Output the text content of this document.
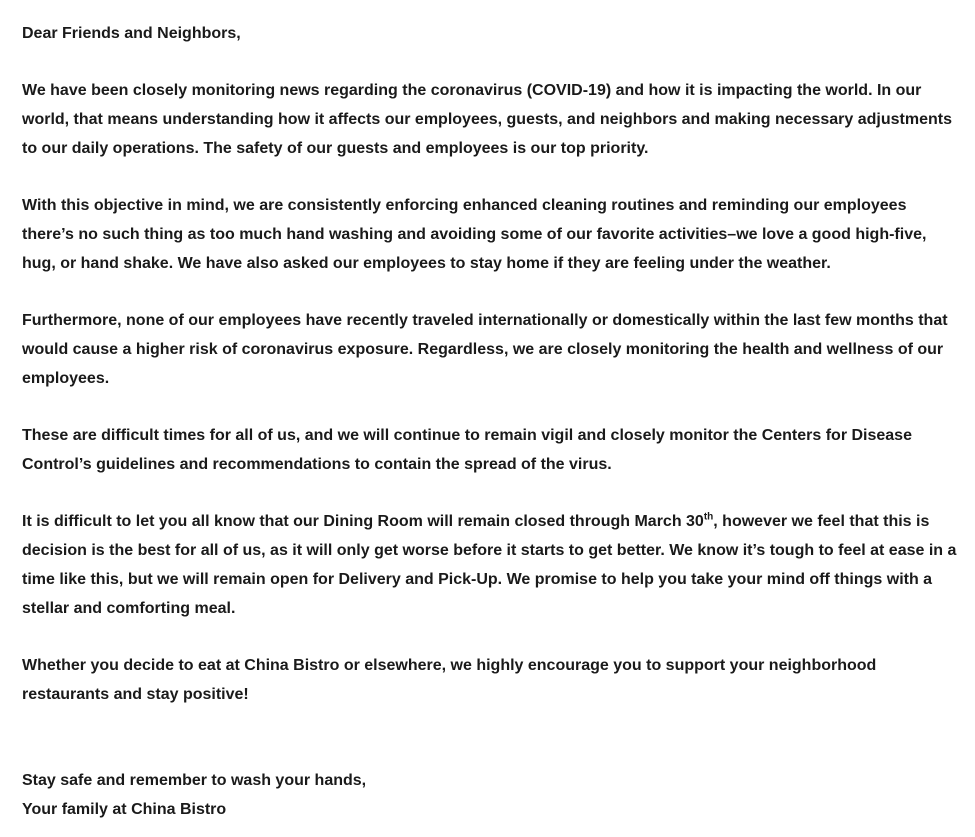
Dear Friends and Neighbors,

We have been closely monitoring news regarding the coronavirus (COVID-19) and how it is impacting the world. In our world, that means understanding how it affects our employees, guests, and neighbors and making necessary adjustments to our daily operations. The safety of our guests and employees is our top priority.

With this objective in mind, we are consistently enforcing enhanced cleaning routines and reminding our employees there’s no such thing as too much hand washing and avoiding some of our favorite activities–we love a good high-five, hug, or hand shake. We have also asked our employees to stay home if they are feeling under the weather.

Furthermore, none of our employees have recently traveled internationally or domestically within the last few months that would cause a higher risk of coronavirus exposure. Regardless, we are closely monitoring the health and wellness of our employees.

These are difficult times for all of us, and we will continue to remain vigil and closely monitor the Centers for Disease Control’s guidelines and recommendations to contain the spread of the virus.

It is difficult to let you all know that our Dining Room will remain closed through March 30th, however we feel that this is decision is the best for all of us, as it will only get worse before it starts to get better. We know it’s tough to feel at ease in a time like this, but we will remain open for Delivery and Pick-Up. We promise to help you take your mind off things with a stellar and comforting meal.

Whether you decide to eat at China Bistro or elsewhere, we highly encourage you to support your neighborhood restaurants and stay positive!

Stay safe and remember to wash your hands,

Your family at China Bistro
